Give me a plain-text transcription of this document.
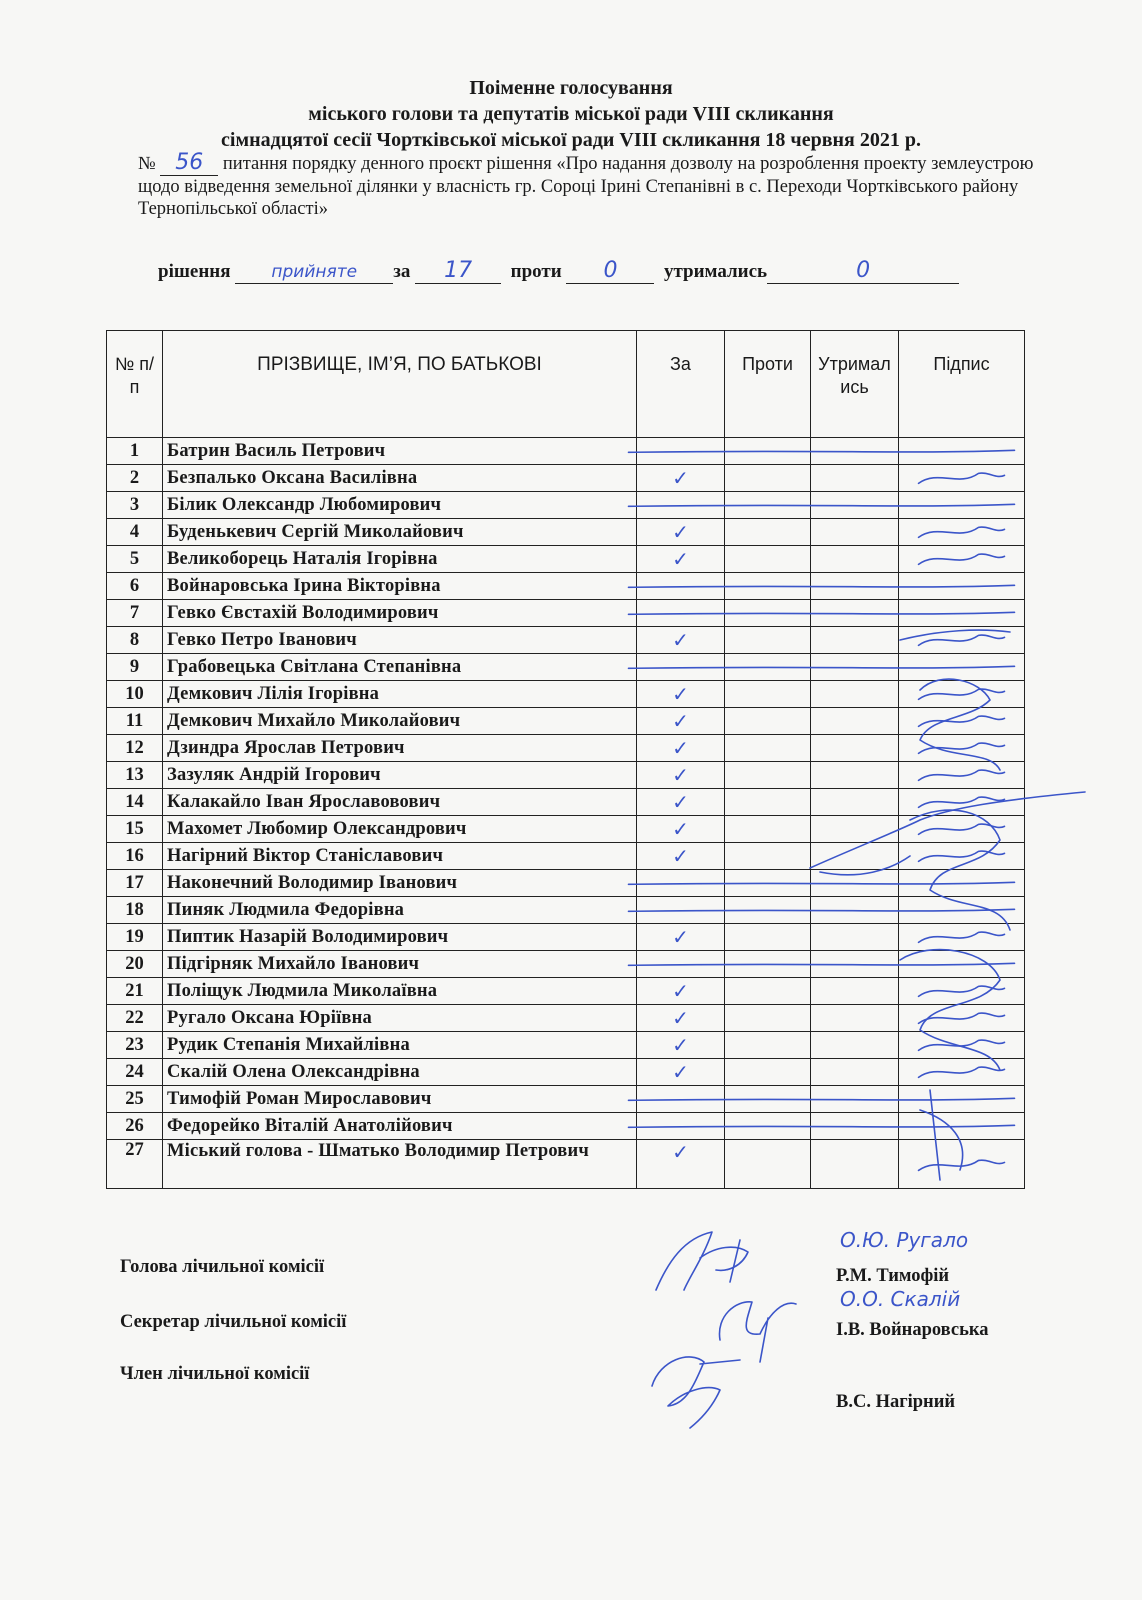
Поіменне голосування
міського голови та депутатів міської ради VIII скликання
сімнадцятої сесії Чортківської міської ради VIII скликання 18 червня 2021 р.
№ 56 питання порядку денного проєкт рішення «Про надання дозволу на розроблення проекту землеустрою щодо відведення земельної ділянки у власність гр. Сороці Ірині Степанівні в с. Переходи Чортківського району Тернопільської області»
рішення прийняте за 17 проти 0 утримались	0
№ п/п	ПРІЗВИЩЕ, ІМ’Я, ПО БАТЬКОВІ	За	Проти	Утримались	Підпис
1	Батрин Василь Петрович				
2	Безпалько Оксана Василівна	✓			
3	Білик Олександр Любомирович				
4	Буденькевич Сергій Миколайович	✓			
5	Великоборець Наталія Ігорівна	✓			
6	Войнаровська Ірина Вікторівна				
7	Гевко Євстахій Володимирович				
8	Гевко Петро Іванович	✓			
9	Грабовецька Світлана Степанівна				
10	Демкович Лілія Ігорівна	✓			
11	Демкович Михайло Миколайович	✓			
12	Дзиндра Ярослав Петрович	✓			
13	Зазуляк Андрій Ігорович	✓			
14	Калакайло Іван Ярославовович	✓			
15	Махомет Любомир Олександрович	✓			
16	Нагірний Віктор Станіславович	✓			
17	Наконечний Володимир Іванович				
18	Пиняк Людмила Федорівна				
19	Пиптик Назарій Володимирович	✓			
20	Підгірняк Михайло Іванович				
21	Поліщук Людмила Миколаївна	✓			
22	Ругало Оксана Юріївна	✓			
23	Рудик Степанія Михайлівна	✓			
24	Скалій Олена Олександрівна	✓			
25	Тимофій Роман Мирославович				
26	Федорейко Віталій Анатолійович				
27	Міський голова - Шматько Володимир Петрович	✓			
Голова лічильної комісії	Р.М. Тимофій
Секретар лічильної комісії	І.В. Войнаровська
Член лічильної комісії
В.С. Нагірний
О.Ю. Ругало
О.О. Скалій
